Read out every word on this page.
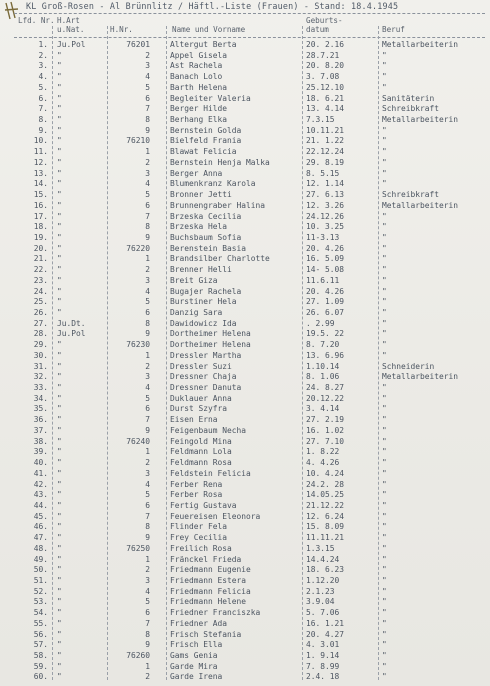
KL Groß-Rosen - Al Brünnlitz / Häftl.-Liste (Frauen) - Stand: 18.4.1945
Lfd. Nr. H.Art u.Nat.	H.Nr.	Name und Vorname
Geburts-datum	Beruf
1. Ju.Pol	76201	Altergut Berta	20. 2.16	Metallarbeiterin
2. "	2	Appel Gisela	28.7.21	"
3. "	3	Ast Rachela	20. 8.20	"
4. "	4	Banach Lolo	3. 7.08	"
5. "	5	Barth Helena	25.12.10	"
6. "	6	Begleiter Valeria	18. 6.21	Sanitäterin
7. "	7	Berger Hilde	13. 4.14	Schreibkraft
8. "	8	Berhang Elka	7.3.15	Metallarbeiterin
9. "	9	Bernstein Golda	10.11.21	"
10. "	76210	Bielfeld Frania	21. 1.22	"
11. "	1	Blawat Felicia	22.12.24	"
12. "	2	Bernstein Henja Malka	29. 8.19	"
13. "	3	Berger Anna	8. 5.15	"
14. "	4	Blumenkranz Karola	12. 1.14	"
15. "	5	Bronner Jetti	27. 6.13	Schreibkraft
16. "	6	Brunnengraber Halina	12. 3.26	Metallarbeiterin
17. "	7	Brzeska Cecilia	24.12.26	"
18. "	8	Brzeska Hela	10. 3.25	"
19. "	9	Buchsbaum Sofia	11-3.13	"
20. "	76220	Berenstein Basia	20. 4.26	"
21. "	1	Brandsilber Charlotte	16. 5.09	"
22. "	2	Brenner Helli	14- 5.08	"
23. "	3	Breit Giza	11.6.11	"
24. "	4	Bugajer Rachela	20. 4.26	"
25. "	5	Burstiner Hela	27. 1.09	"
26. "	6	Danzig Sara	26. 6.07	"
27. Ju.Dt.	8	Dawidowicz Ida	. 2.99	"
28. Ju.Pol	9	Dortheimer Helena	19.5. 22	"
29. "	76230	Dortheimer Helena	8. 7.20	"
30. "	1	Dressler Martha	13. 6.96	"
31. "	2	Dressler Suzi	1.10.14	Schneiderin
32. "	3	Dressner Chaja	8. 1.06	Metallarbeiterin
33. "	4	Dressner Danuta	24. 8.27	"
34. "	5	Duklauer Anna	20.12.22	"
35. "	6	Durst Szyfra	3. 4.14	"
36. "	7	Eisen Erna	27. 2.19	"
37. "	9	Feigenbaum Necha	16. 1.02	"
38. "	76240	Feingold Mina	27. 7.10	"
39. "	1	Feldmann Lola	1. 8.22	"
40. "	2	Feldmann Rosa	4. 4.26	"
41. "	3	Feldstein Felicia	10. 4.24	"
42. "	4	Ferber Rena	24.2. 28	"
43. "	5	Ferber Rosa	14.05.25	"
44. "	6	Fertig Gustava	21.12.22	"
45. "	7	Feuereisen Eleonora	12. 6.24	"
46. "	8	Flinder Fela	15. 8.09	"
47. "	9	Frey Cecilia	11.11.21	"
48. "	76250	Freilich Rosa	1.3.15	"
49. "	1	Fränckel Frieda	14.4.24	"
50. "	2	Friedmann Eugenie	18. 6.23	"
51. "	3	Friedmann Estera	1.12.20	"
52. "	4	Friedmann Felicia	2.1.23	"
53. "	5	Friedmann Helene	3.9.04	"
54. "	6	Friedner Franciszka	5. 7.06	"
55. "	7	Friedner Ada	16. 1.21	"
56. "	8	Frisch Stefania	20. 4.27	"
57. "	9	Frisch Ella	4. 3.01	"
58. "	76260	Gams Genia	1. 9.14	"
59. "	1	Garde Mira	7. 8.99	"
60. "	2	Garde Irena	2.4. 18	"
